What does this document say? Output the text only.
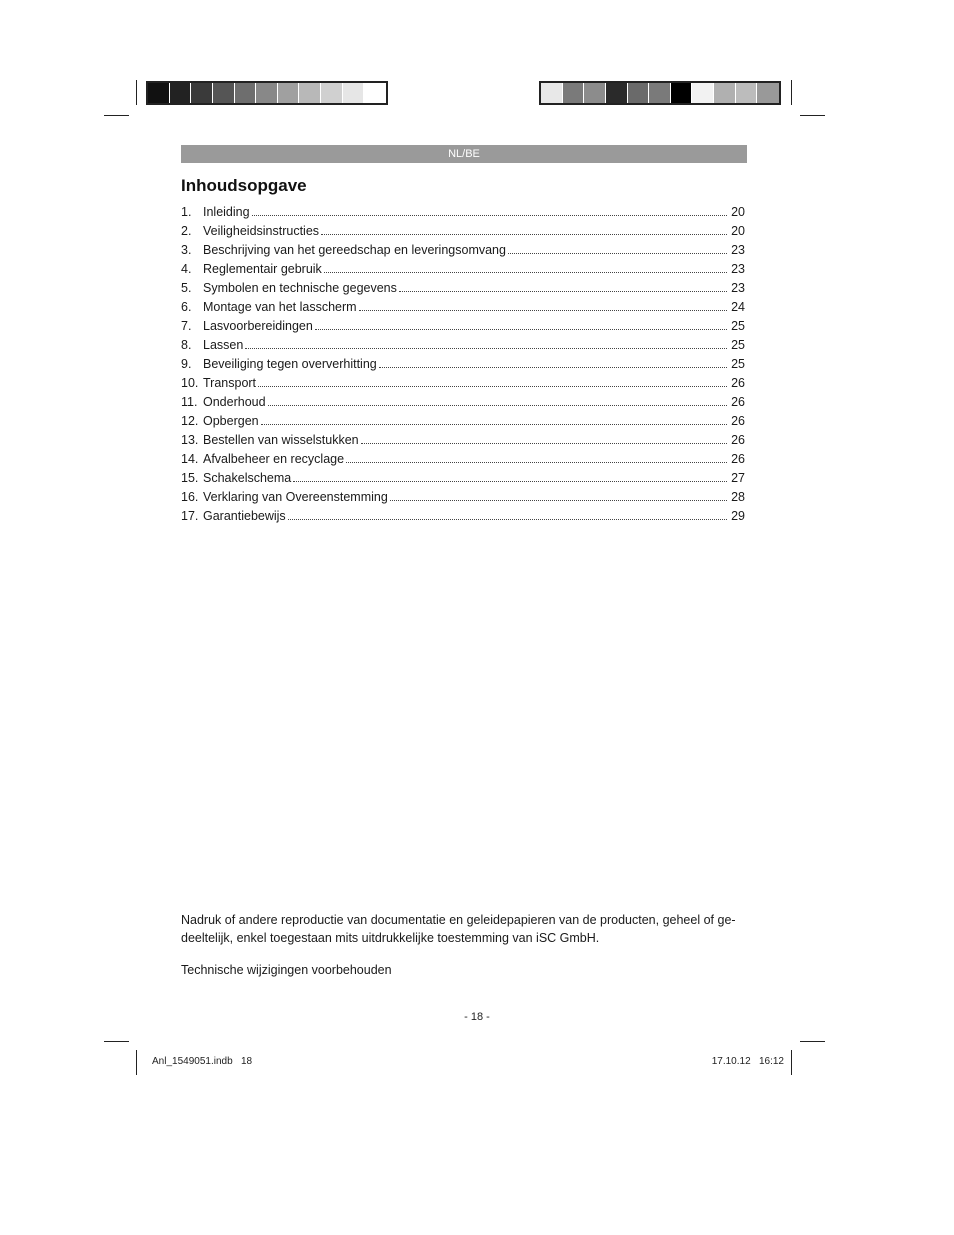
NL/BE
Inhoudsopgave
1. Inleiding	20
2. Veiligheidsinstructies	20
3. Beschrijving van het gereedschap en leveringsomvang	23
4. Reglementair gebruik	23
5. Symbolen en technische gegevens	23
6. Montage van het lasscherm	24
7. Lasvoorbereidingen	25
8. Lassen	25
9. Beveiliging tegen oververhitting	25
10. Transport	26
11. Onderhoud	26
12. Opbergen	26
13. Bestellen van wisselstukken	26
14. Afvalbeheer en recyclage	26
15. Schakelschema	27
16. Verklaring van Overeenstemming	28
17. Garantiebewijs	29

Nadruk of andere reproductie van documentatie en geleidepapieren van de producten, geheel of ge-
deeltelijk, enkel toegestaan mits uitdrukkelijke toestemming van iSC GmbH.

Technische wijzigingen voorbehouden

- 18 -
Anl_1549051.indb   18	17.10.12   16:12
